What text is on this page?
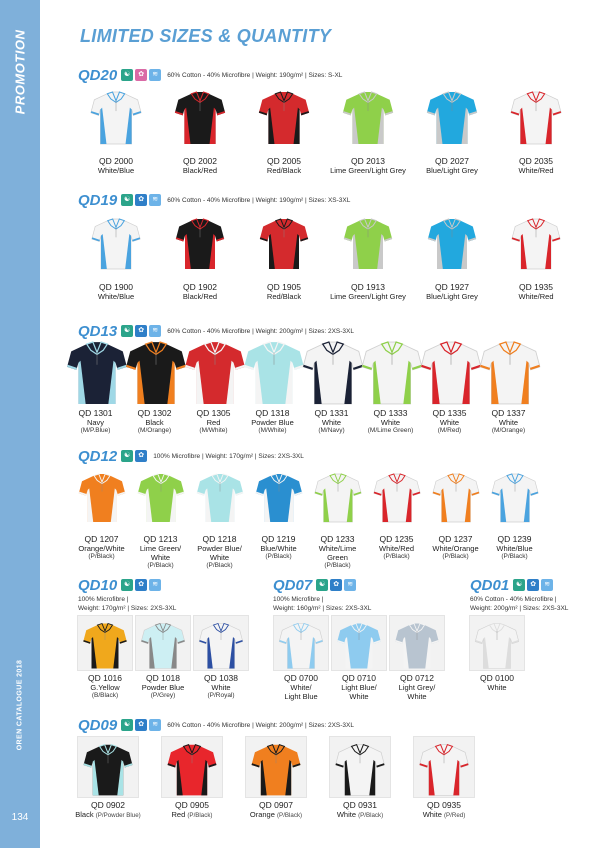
PROMOTION
OREN CATALOGUE 2018
134
LIMITED SIZES & QUANTITY
QD20 ☯	✿	≋	60% Cotton - 40% Microfibre | Weight: 190g/m² | Sizes: S-XL
QD19 ☯	✿	≋	60% Cotton - 40% Microfibre | Weight: 190g/m² | Sizes: XS-3XL
QD13 ☯	✿	≋	60% Cotton - 40% Microfibre | Weight: 200g/m² | Sizes: 2XS-3XL
QD12 ☯	✿	100% Microfibre | Weight: 170g/m² | Sizes: 2XS-3XL
QD 2000
White/Blue
QD 2002
Black/Red
QD 2005
Red/Black
QD 2013
Lime Green/Light Grey
QD 2027
Blue/Light Grey
QD 2035
White/Red
QD 1900
White/Blue
QD 1902
Black/Red
QD 1905
Red/Black
QD 1913
Lime Green/Light Grey
QD 1927
Blue/Light Grey
QD 1935
White/Red
QD 1301
Navy
(M/P.Blue)
QD 1302
Black
(M/Orange)
QD 1305
Red
(M/White)
QD 1318
Powder Blue
(M/White)
QD 1331
White
(M/Navy)
QD 1333
White
(M/Lime Green)
QD 1335
White
(M/Red)
QD 1337
White
(M/Orange)
QD 1207
Orange/White
(P/Black)
QD 1213
Lime Green/
White
(P/Black)
QD 1218
Powder Blue/
White
(P/Black)
QD 1219
Blue/White
(P/Black)
QD 1233
White/Lime Green
(P/Black)
QD 1235
White/Red
(P/Black)
QD 1237
White/Orange
(P/Black)
QD 1239
White/Blue
(P/Black)
QD10 ☯	✿	≋
100% Microfibre |
Weight: 170g/m² | Sizes: 2XS-3XL
QD07 ☯	✿	≋
100% Microfibre |
Weight: 160g/m² | Sizes: 2XS-3XL
QD01 ☯	✿	≋
60% Cotton - 40% Microfibre |
Weight: 200g/m² | Sizes: 2XS-3XL
QD 1016
G.Yellow
(B/Black)
QD 1018
Powder Blue
(P/Grey)
QD 1038
White
(P/Royal)
QD 0700
White/
Light Blue
QD 0710
Light Blue/
White
QD 0712
Light Grey/
White
QD 0100
White
QD09 ☯	✿	≋	60% Cotton - 40% Microfibre | Weight: 200g/m² | Sizes: 2XS-3XL
QD 0902
Black (P/Powder Blue)
QD 0905
Red (P/Black)
QD 0907
Orange (P/Black)
QD 0931
White (P/Black)
QD 0935
White (P/Red)
